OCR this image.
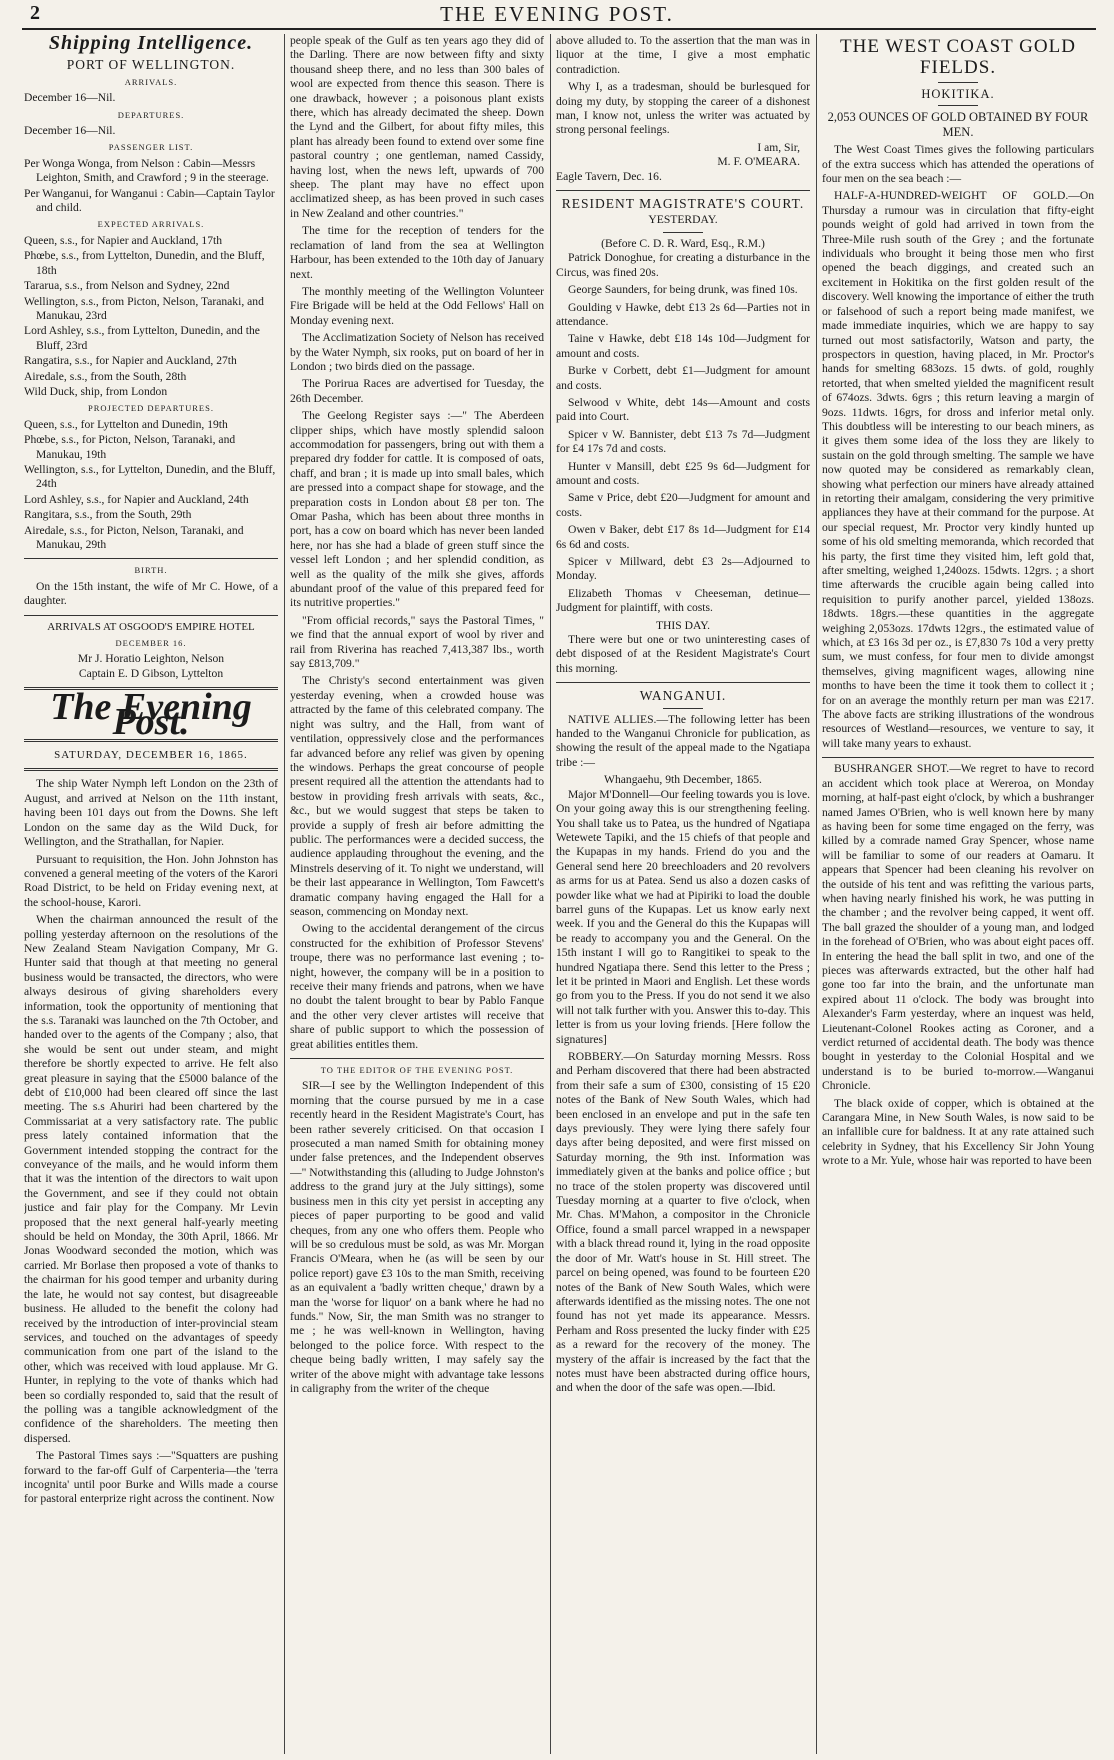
2	THE EVENING POST.
Shipping Intelligence.
PORT OF WELLINGTON.
ARRIVALS.
December 16—Nil.
DEPARTURES.
December 16—Nil.
PASSENGER LIST.
Per Wonga Wonga, from Nelson : Cabin—Messrs Leighton, Smith, and Crawford ; 9 in the steerage.
Per Wanganui, for Wanganui : Cabin—Captain Taylor and child.
EXPECTED ARRIVALS.
Queen, s.s., for Napier and Auckland, 17th
Phœbe, s.s., from Lyttelton, Dunedin, and the Bluff, 18th
Tararua, s.s., from Nelson and Sydney, 22nd
Wellington, s.s., from Picton, Nelson, Taranaki, and Manukau, 23rd
Lord Ashley, s.s., from Lyttelton, Dunedin, and the Bluff, 23rd
Rangatira, s.s., for Napier and Auckland, 27th
Airedale, s.s., from the South, 28th
Wild Duck, ship, from London
PROJECTED DEPARTURES.
Queen, s.s., for Lyttelton and Dunedin, 19th
Phœbe, s.s., for Picton, Nelson, Taranaki, and Manukau, 19th
Wellington, s.s., for Lyttelton, Dunedin, and the Bluff, 24th
Lord Ashley, s.s., for Napier and Auckland, 24th
Rangitara, s.s., from the South, 29th
Airedale, s.s., for Picton, Nelson, Taranaki, and Manukau, 29th
BIRTH.

On the 15th instant, the wife of Mr C. Howe, of a daughter.

ARRIVALS AT OSGOOD'S EMPIRE HOTEL
DECEMBER 16.
Mr J. Horatio Leighton, Nelson
Captain E. D Gibson, Lyttelton
The Evening Post.
SATURDAY, DECEMBER 16, 1865.

The ship Water Nymph left London on the 23th of August, and arrived at Nelson on the 11th instant, having been 101 days out from the Downs. She left London on the same day as the Wild Duck, for Wellington, and the Strathallan, for Napier.

Pursuant to requisition, the Hon. John Johnston has convened a general meeting of the voters of the Karori Road District, to be held on Friday evening next, at the school-house, Karori.

When the chairman announced the result of the polling yesterday afternoon on the resolutions of the New Zealand Steam Navigation Company, Mr G. Hunter said that though at that meeting no general business would be transacted, the directors, who were always desirous of giving shareholders every information, took the opportunity of mentioning that the s.s. Taranaki was launched on the 7th October, and handed over to the agents of the Company ; also, that she would be sent out under steam, and might therefore be shortly expected to arrive. He felt also great pleasure in saying that the £5000 balance of the debt of £10,000 had been cleared off since the last meeting. The s.s Ahuriri had been chartered by the Commissariat at a very satisfactory rate. The public press lately contained information that the Government intended stopping the contract for the conveyance of the mails, and he would inform them that it was the intention of the directors to wait upon the Government, and see if they could not obtain justice and fair play for the Company. Mr Levin proposed that the next general half-yearly meeting should be held on Monday, the 30th April, 1866. Mr Jonas Woodward seconded the motion, which was carried. Mr Borlase then proposed a vote of thanks to the chairman for his good temper and urbanity during the late, he would not say contest, but disagreeable business. He alluded to the benefit the colony had received by the introduction of inter-provincial steam services, and touched on the advantages of speedy communication from one part of the island to the other, which was received with loud applause. Mr G. Hunter, in replying to the vote of thanks which had been so cordially responded to, said that the result of the polling was a tangible acknowledgment of the confidence of the shareholders. The meeting then dispersed.

The Pastoral Times says :—"Squatters are pushing forward to the far-off Gulf of Carpenteria—the 'terra incognita' until poor Burke and Wills made a course for pastoral enterprize right across the continent. Now

people speak of the Gulf as ten years ago they did of the Darling. There are now between fifty and sixty thousand sheep there, and no less than 300 bales of wool are expected from thence this season. There is one drawback, however ; a poisonous plant exists there, which has already decimated the sheep. Down the Lynd and the Gilbert, for about fifty miles, this plant has already been found to extend over some fine pastoral country ; one gentleman, named Cassidy, having lost, when the news left, upwards of 700 sheep. The plant may have no effect upon acclimatized sheep, as has been proved in such cases in New Zealand and other countries."

The time for the reception of tenders for the reclamation of land from the sea at Wellington Harbour, has been extended to the 10th day of January next.

The monthly meeting of the Wellington Volunteer Fire Brigade will be held at the Odd Fellows' Hall on Monday evening next.

The Acclimatization Society of Nelson has received by the Water Nymph, six rooks, put on board of her in London ; two birds died on the passage.

The Porirua Races are advertised for Tuesday, the 26th December.

The Geelong Register says :—" The Aberdeen clipper ships, which have mostly splendid saloon accommodation for passengers, bring out with them a prepared dry fodder for cattle. It is composed of oats, chaff, and bran ; it is made up into small bales, which are pressed into a compact shape for stowage, and the preparation costs in London about £8 per ton. The Omar Pasha, which has been about three months in port, has a cow on board which has never been landed here, nor has she had a blade of green stuff since the vessel left London ; and her splendid condition, as well as the quality of the milk she gives, affords abundant proof of the value of this prepared feed for its nutritive properties."

"From official records," says the Pastoral Times, " we find that the annual export of wool by river and rail from Riverina has reached 7,413,387 lbs., worth say £813,709."

The Christy's second entertainment was given yesterday evening, when a crowded house was attracted by the fame of this celebrated company. The night was sultry, and the Hall, from want of ventilation, oppressively close and the performances far advanced before any relief was given by opening the windows. Perhaps the great concourse of people present required all the attention the attendants had to bestow in providing fresh arrivals with seats, &c., &c., but we would suggest that steps be taken to provide a supply of fresh air before admitting the public. The performances were a decided success, the audience applauding throughout the evening, and the Minstrels deserving of it. To night we understand, will be their last appearance in Wellington, Tom Fawcett's dramatic company having engaged the Hall for a season, commencing on Monday next.

Owing to the accidental derangement of the circus constructed for the exhibition of Professor Stevens' troupe, there was no performance last evening ; to-night, however, the company will be in a position to receive their many friends and patrons, when we have no doubt the talent brought to bear by Pablo Fanque and the other very clever artistes will receive that share of public support to which the possession of great abilities entitles them.

TO THE EDITOR OF THE EVENING POST.

SIR—I see by the Wellington Independent of this morning that the course pursued by me in a case recently heard in the Resident Magistrate's Court, has been rather severely criticised. On that occasion I prosecuted a man named Smith for obtaining money under false pretences, and the Independent observes —" Notwithstanding this (alluding to Judge Johnston's address to the grand jury at the July sittings), some business men in this city yet persist in accepting any pieces of paper purporting to be good and valid cheques, from any one who offers them. People who will be so credulous must be sold, as was Mr. Morgan Francis O'Meara, when he (as will be seen by our police report) gave £3 10s to the man Smith, receiving as an equivalent a 'badly written cheque,' drawn by a man the 'worse for liquor' on a bank where he had no funds." Now, Sir, the man Smith was no stranger to me ; he was well-known in Wellington, having belonged to the police force. With respect to the cheque being badly written, I may safely say the writer of the above might with advantage take lessons in caligraphy from the writer of the cheque

above alluded to. To the assertion that the man was in liquor at the time, I give a most emphatic contradiction.

Why I, as a tradesman, should be burlesqued for doing my duty, by stopping the career of a dishonest man, I know not, unless the writer was actuated by strong personal feelings.

I am, Sir,
M. F. O'MEARA.
Eagle Tavern, Dec. 16.
RESIDENT MAGISTRATE'S COURT.
YESTERDAY.
(Before C. D. R. Ward, Esq., R.M.)

Patrick Donoghue, for creating a disturbance in the Circus, was fined 20s.

George Saunders, for being drunk, was fined 10s.

Goulding v Hawke, debt £13 2s 6d—Parties not in attendance.

Taine v Hawke, debt £18 14s 10d—Judgment for amount and costs.

Burke v Corbett, debt £1—Judgment for amount and costs.

Selwood v White, debt 14s—Amount and costs paid into Court.

Spicer v W. Bannister, debt £13 7s 7d—Judgment for £4 17s 7d and costs.

Hunter v Mansill, debt £25 9s 6d—Judgment for amount and costs.

Same v Price, debt £20—Judgment for amount and costs.

Owen v Baker, debt £17 8s 1d—Judgment for £14 6s 6d and costs.

Spicer v Millward, debt £3 2s—Adjourned to Monday.

Elizabeth Thomas v Cheeseman, detinue—Judgment for plaintiff, with costs.

THIS DAY.

There were but one or two uninteresting cases of debt disposed of at the Resident Magistrate's Court this morning.

WANGANUI.

NATIVE ALLIES.—The following letter has been handed to the Wanganui Chronicle for publication, as showing the result of the appeal made to the Ngatiapa tribe :—

Whangaehu, 9th December, 1865.

Major M'Donnell—Our feeling towards you is love. On your going away this is our strengthening feeling. You shall take us to Patea, us the hundred of Ngatiapa Wetewete Tapiki, and the 15 chiefs of that people and the Kupapas in my hands. Friend do you and the General send here 20 breechloaders and 20 revolvers as arms for us at Patea. Send us also a dozen casks of powder like what we had at Pipiriki to load the double barrel guns of the Kupapas. Let us know early next week. If you and the General do this the Kupapas will be ready to accompany you and the General. On the 15th instant I will go to Rangitikei to speak to the hundred Ngatiapa there. Send this letter to the Press ; let it be printed in Maori and English. Let these words go from you to the Press. If you do not send it we also will not talk further with you. Answer this to-day. This letter is from us your loving friends. [Here follow the signatures]

ROBBERY.—On Saturday morning Messrs. Ross and Perham discovered that there had been abstracted from their safe a sum of £300, consisting of 15 £20 notes of the Bank of New South Wales, which had been enclosed in an envelope and put in the safe ten days previously. They were lying there safely four days after being deposited, and were first missed on Saturday morning, the 9th inst. Information was immediately given at the banks and police office ; but no trace of the stolen property was discovered until Tuesday morning at a quarter to five o'clock, when Mr. Chas. M'Mahon, a compositor in the Chronicle Office, found a small parcel wrapped in a newspaper with a black thread round it, lying in the road opposite the door of Mr. Watt's house in St. Hill street. The parcel on being opened, was found to be fourteen £20 notes of the Bank of New South Wales, which were afterwards identified as the missing notes. The one not found has not yet made its appearance. Messrs. Perham and Ross presented the lucky finder with £25 as a reward for the recovery of the money. The mystery of the affair is increased by the fact that the notes must have been abstracted during office hours, and when the door of the safe was open.—Ibid.

THE WEST COAST GOLD FIELDS.
HOKITIKA.
2,053 OUNCES OF GOLD OBTAINED BY FOUR MEN.

The West Coast Times gives the following particulars of the extra success which has attended the operations of four men on the sea beach :—

HALF-A-HUNDRED-WEIGHT OF GOLD.—On Thursday a rumour was in circulation that fifty-eight pounds weight of gold had arrived in town from the Three-Mile rush south of the Grey ; and the fortunate individuals who brought it being those men who first opened the beach diggings, and created such an excitement in Hokitika on the first golden result of the discovery. Well knowing the importance of either the truth or falsehood of such a report being made manifest, we made immediate inquiries, which we are happy to say turned out most satisfactorily, Watson and party, the prospectors in question, having placed, in Mr. Proctor's hands for smelting 683ozs. 15 dwts. of gold, roughly retorted, that when smelted yielded the magnificent result of 674ozs. 3dwts. 6grs ; this return leaving a margin of 9ozs. 11dwts. 16grs, for dross and inferior metal only. This doubtless will be interesting to our beach miners, as it gives them some idea of the loss they are likely to sustain on the gold through smelting. The sample we have now quoted may be considered as remarkably clean, showing what perfection our miners have already attained in retorting their amalgam, considering the very primitive appliances they have at their command for the purpose. At our special request, Mr. Proctor very kindly hunted up some of his old smelting memoranda, which recorded that his party, the first time they visited him, left gold that, after smelting, weighed 1,240ozs. 15dwts. 12grs. ; a short time afterwards the crucible again being called into requisition to purify another parcel, yielded 138ozs. 18dwts. 18grs.—these quantities in the aggregate weighing 2,053ozs. 17dwts 12grs., the estimated value of which, at £3 16s 3d per oz., is £7,830 7s 10d a very pretty sum, we must confess, for four men to divide amongst themselves, giving magnificent wages, allowing nine months to have been the time it took them to collect it ; for on an average the monthly return per man was £217. The above facts are striking illustrations of the wondrous resources of Westland—resources, we venture to say, it will take many years to exhaust.

BUSHRANGER SHOT.—We regret to have to record an accident which took place at Wereroa, on Monday morning, at half-past eight o'clock, by which a bushranger named James O'Brien, who is well known here by many as having been for some time engaged on the ferry, was killed by a comrade named Gray Spencer, whose name will be familiar to some of our readers at Oamaru. It appears that Spencer had been cleaning his revolver on the outside of his tent and was refitting the various parts, when having nearly finished his work, he was putting in the chamber ; and the revolver being capped, it went off. The ball grazed the shoulder of a young man, and lodged in the forehead of O'Brien, who was about eight paces off. In entering the head the ball split in two, and one of the pieces was afterwards extracted, but the other half had gone too far into the brain, and the unfortunate man expired about 11 o'clock. The body was brought into Alexander's Farm yesterday, where an inquest was held, Lieutenant-Colonel Rookes acting as Coroner, and a verdict returned of accidental death. The body was thence bought in yesterday to the Colonial Hospital and we understand is to be buried to-morrow.—Wanganui Chronicle.

The black oxide of copper, which is obtained at the Carangara Mine, in New South Wales, is now said to be an infallible cure for baldness. It at any rate attained such celebrity in Sydney, that his Excellency Sir John Young wrote to a Mr. Yule, whose hair was reported to have been
